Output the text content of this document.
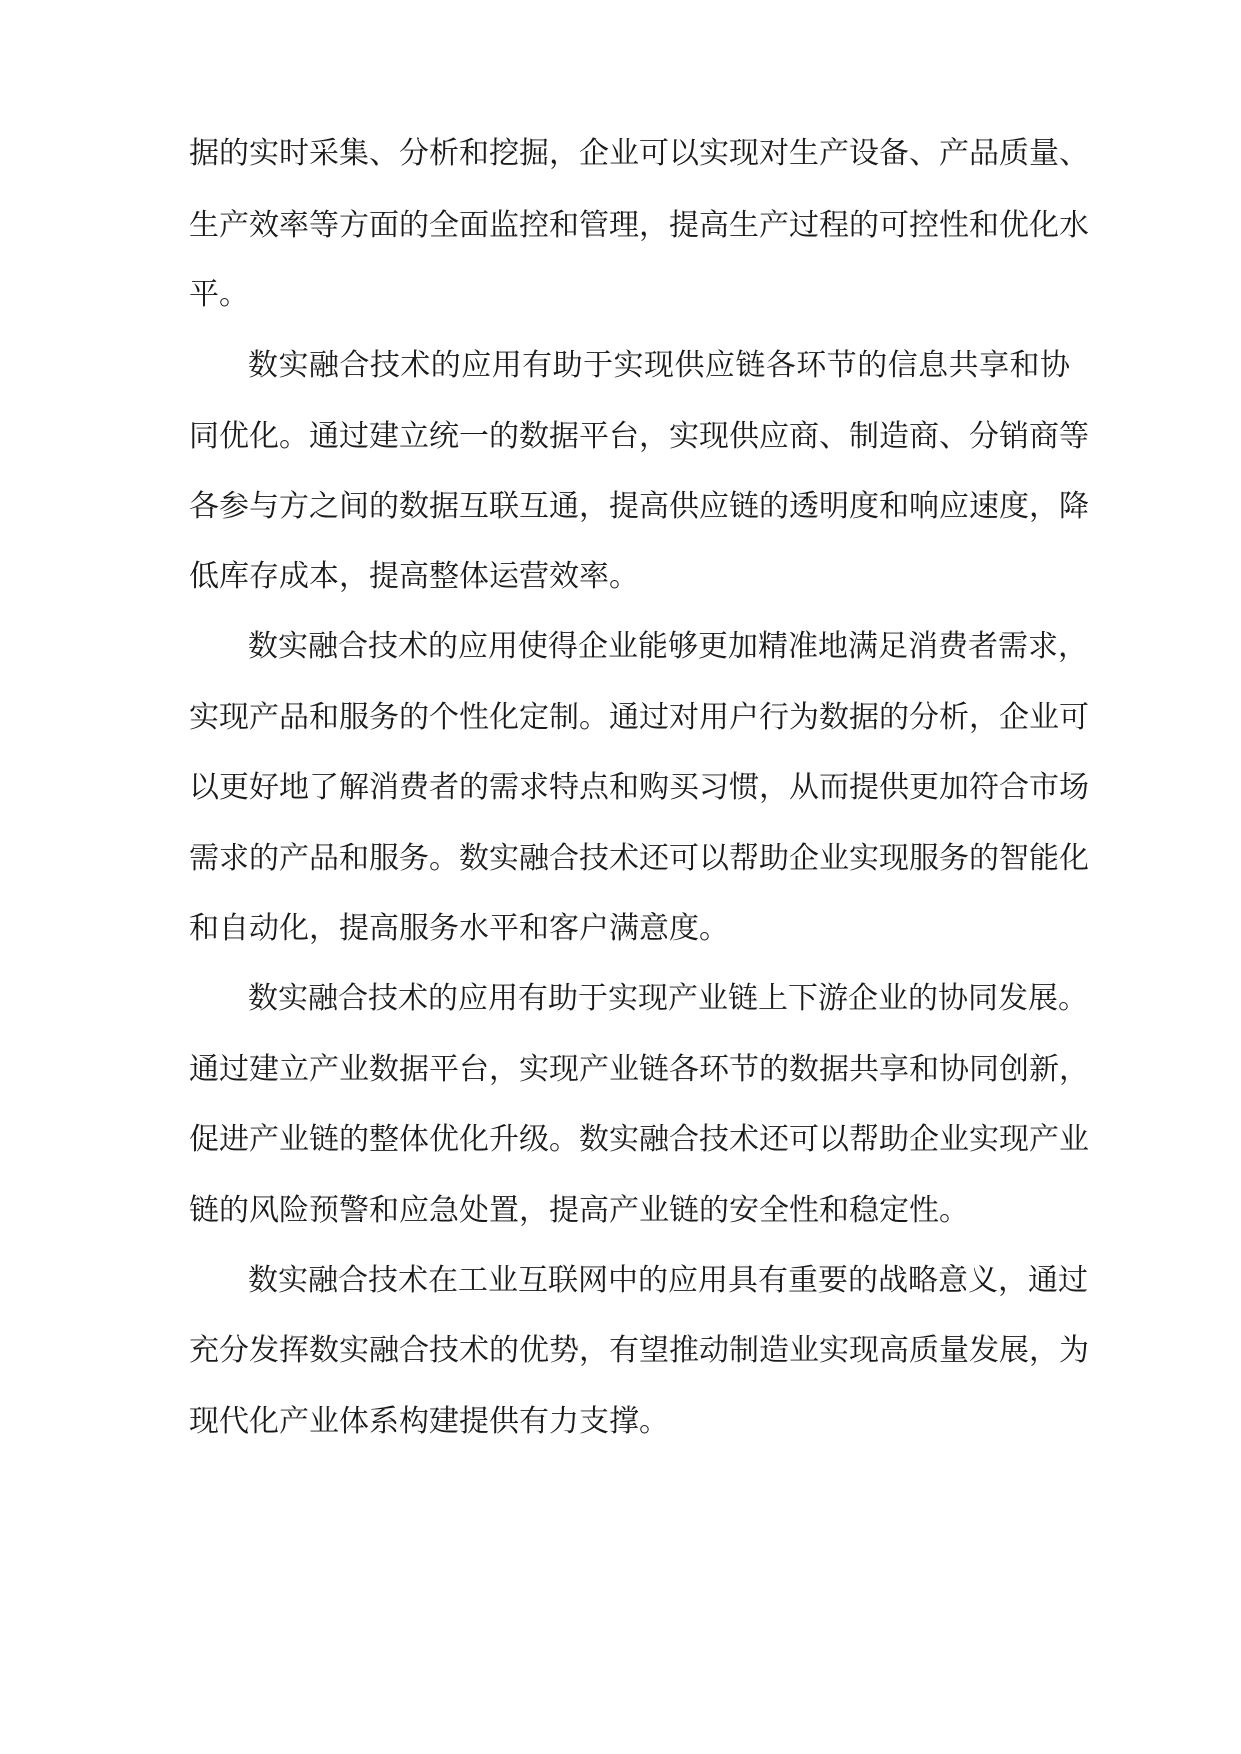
据的实时采集、分析和挖掘，企业可以实现对生产设备、产品质量、
生产效率等方面的全面监控和管理，提高生产过程的可控性和优化水
平。
数实融合技术的应用有助于实现供应链各环节的信息共享和协
同优化。通过建立统一的数据平台，实现供应商、制造商、分销商等
各参与方之间的数据互联互通，提高供应链的透明度和响应速度，降
低库存成本，提高整体运营效率。
数实融合技术的应用使得企业能够更加精准地满足消费者需求，
实现产品和服务的个性化定制。通过对用户行为数据的分析，企业可
以更好地了解消费者的需求特点和购买习惯，从而提供更加符合市场
需求的产品和服务。数实融合技术还可以帮助企业实现服务的智能化
和自动化，提高服务水平和客户满意度。
数实融合技术的应用有助于实现产业链上下游企业的协同发展。
通过建立产业数据平台，实现产业链各环节的数据共享和协同创新，
促进产业链的整体优化升级。数实融合技术还可以帮助企业实现产业
链的风险预警和应急处置，提高产业链的安全性和稳定性。
数实融合技术在工业互联网中的应用具有重要的战略意义，通过
充分发挥数实融合技术的优势，有望推动制造业实现高质量发展，为
现代化产业体系构建提供有力支撑。
